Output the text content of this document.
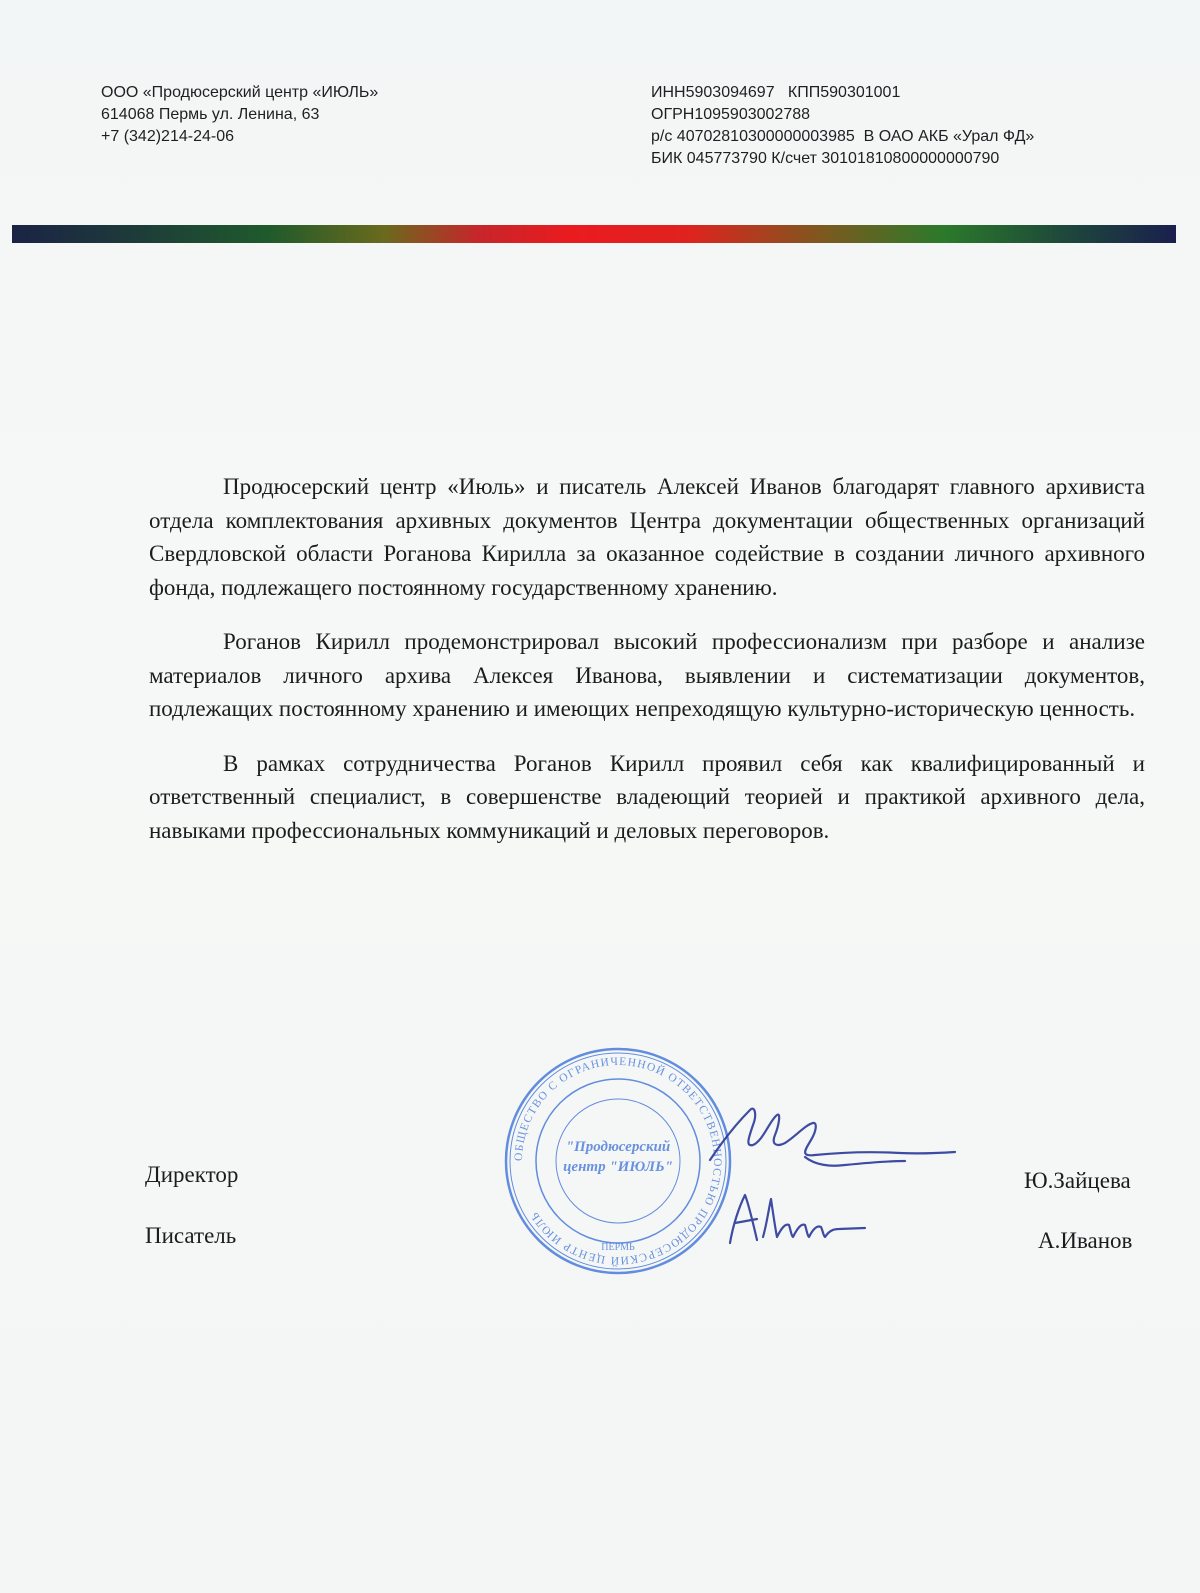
ООО «Продюсерский центр «ИЮЛЬ»
614068 Пермь ул. Ленина, 63
+7 (342)214-24-06
ИНН5903094697   КПП590301001
ОГРН1095903002788
р/с 40702810300000003985  В ОАО АКБ «Урал ФД»
БИК 045773790 К/счет 30101810800000000790

Продюсерский центр «Июль» и писатель Алексей Иванов благодарят главного архивиста отдела комплектования архивных документов Центра документации общественных организаций Свердловской области Роганова Кирилла за оказанное содействие в создании личного архивного фонда, подлежащего постоянному государственному хранению.

Роганов Кирилл продемонстрировал высокий профессионализм при разборе и анализе материалов личного архива Алексея Иванова, выявлении и систематизации документов, подлежащих постоянному хранению и имеющих непреходящую культурно-историческую ценность.

В рамках сотрудничества Роганов Кирилл проявил себя как квалифицированный и ответственный специалист, в совершенстве владеющий теорией и практикой архивного дела, навыками профессиональных коммуникаций и деловых переговоров.

Директор
Писатель
Ю.Зайцева
А.Иванов
ОБЩЕСТВО С ОГРАНИЧЕННОЙ ОТВЕТСТВЕННОСТЬЮ ПРОДЮСЕРСКИЙ ЦЕНТР ИЮЛЬ
"Продюсерский
центр "ИЮЛЬ"
ПЕРМЬ
